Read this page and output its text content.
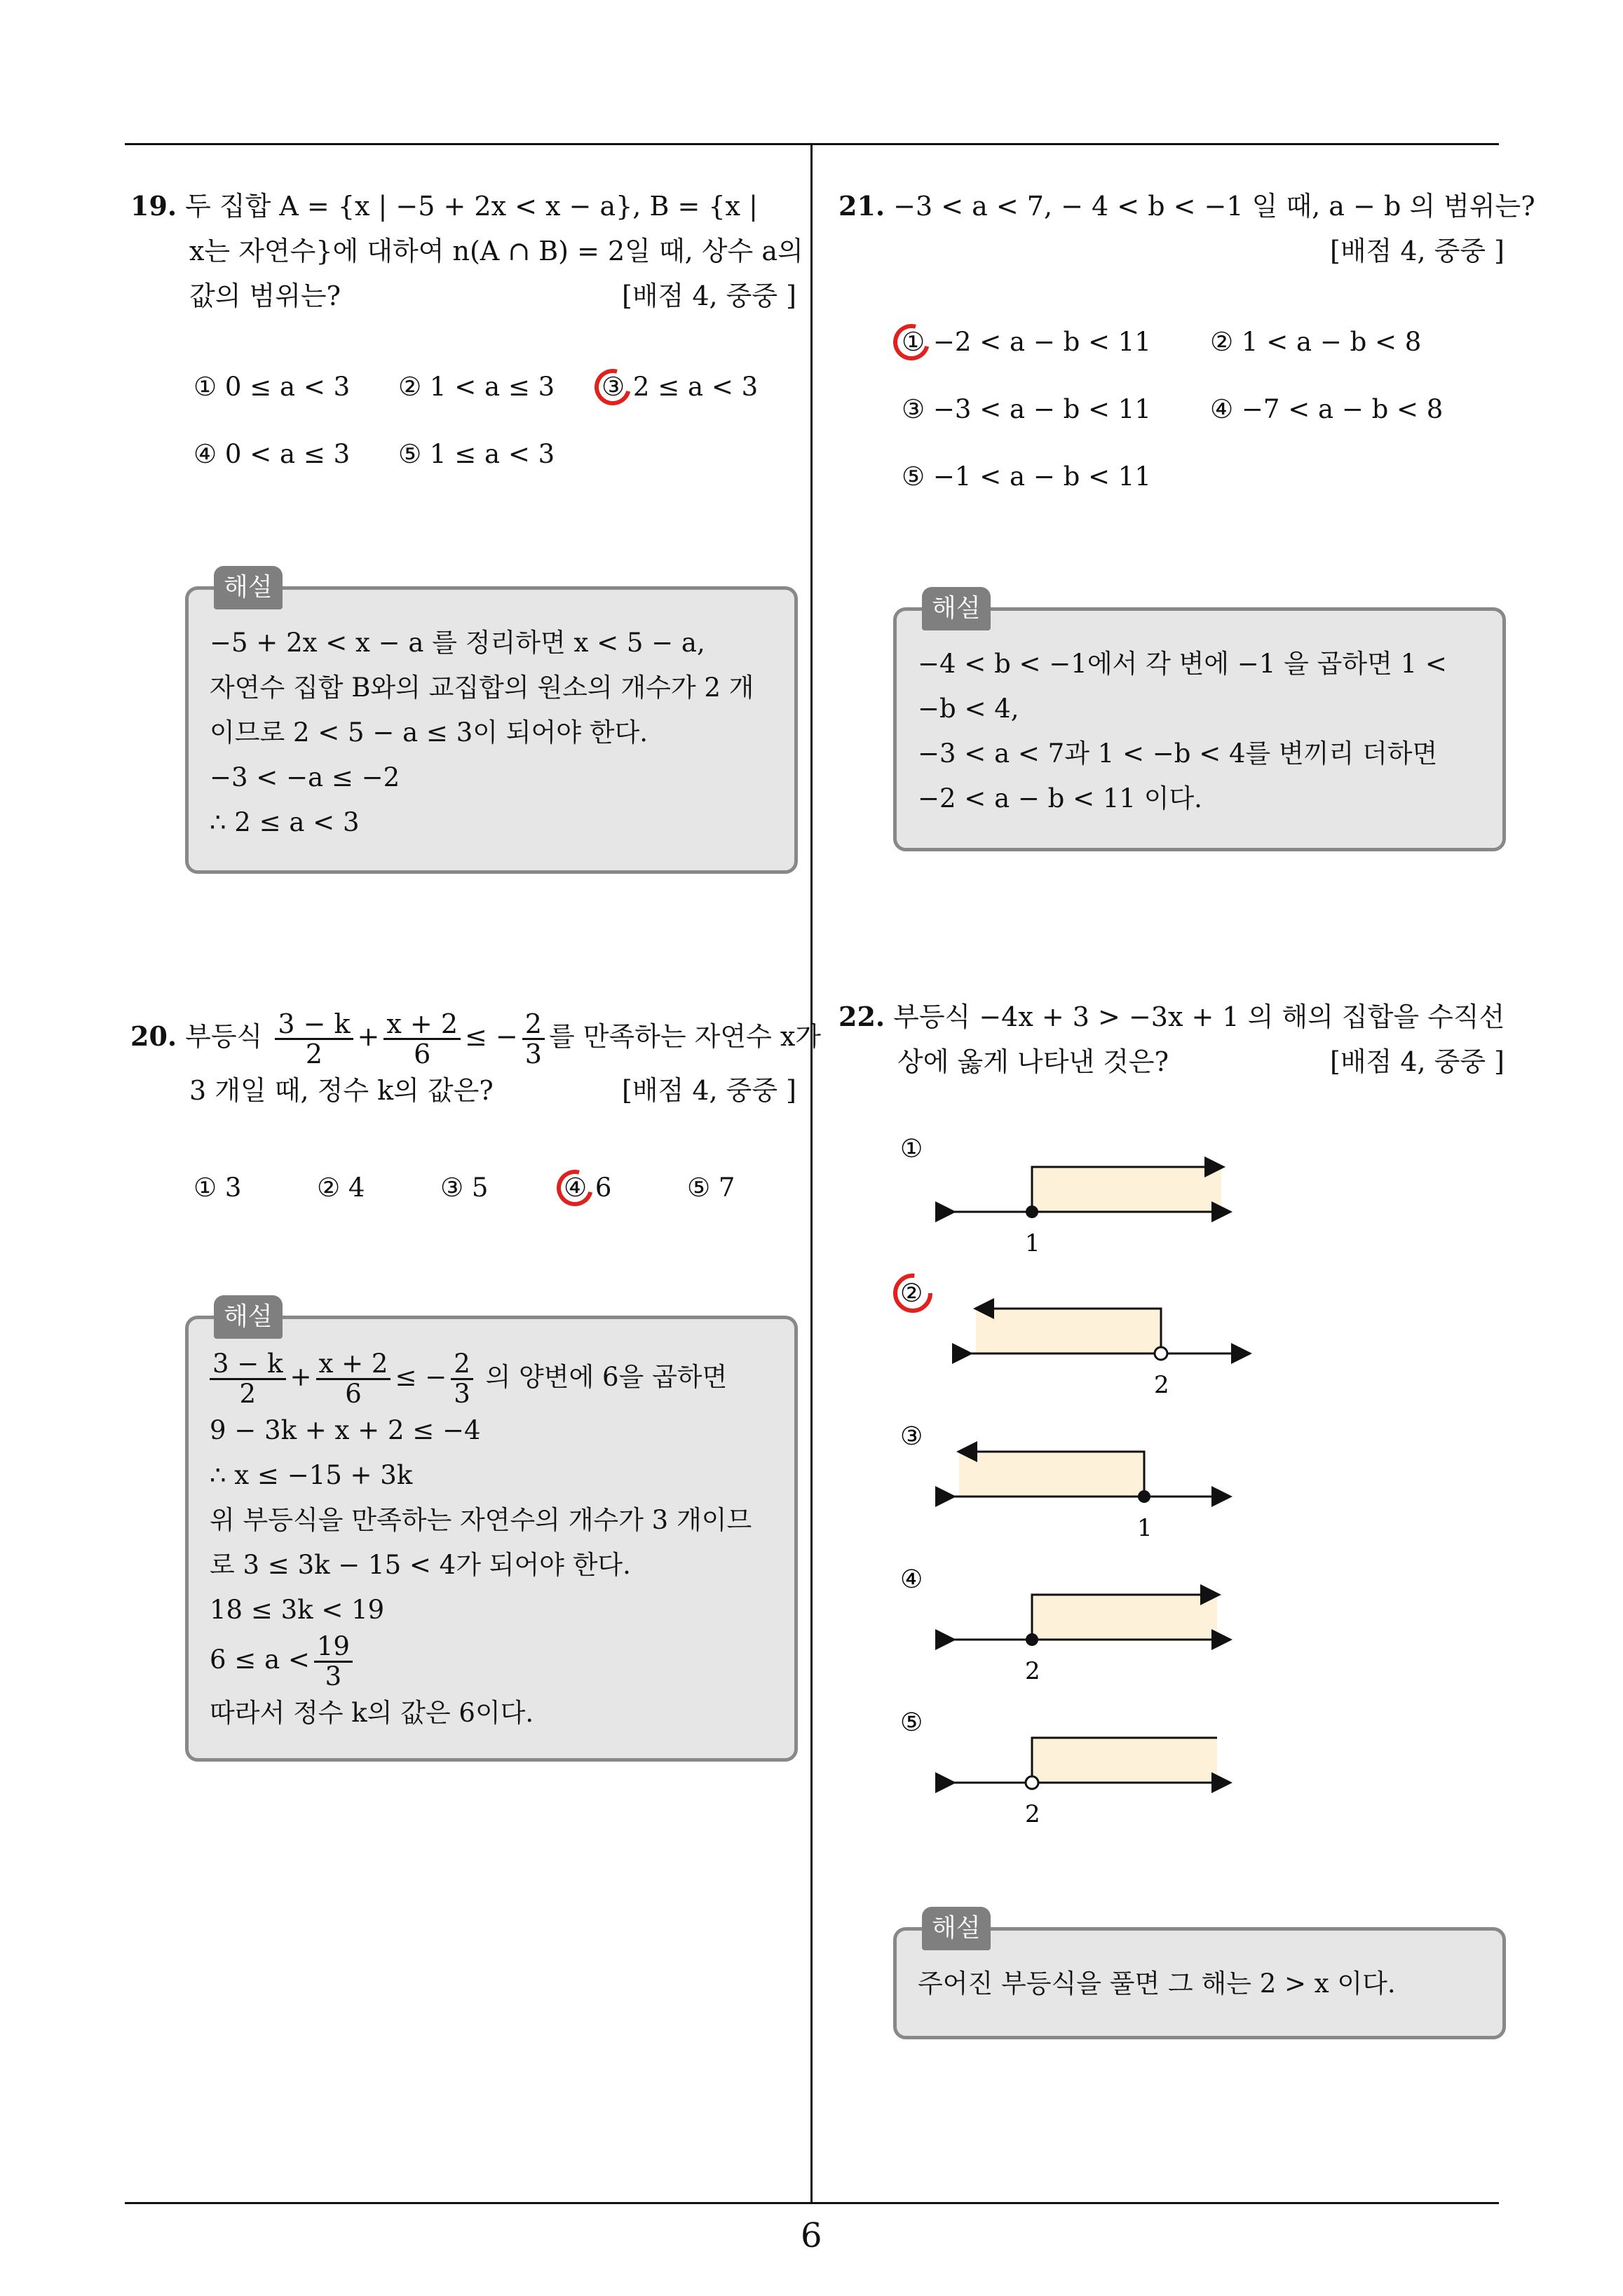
6
19. 두 집합 A = {x | −5 + 2x < x − a}, B = {x |
x는 자연수}에 대하여 n(A ∩ B) = 2일 때, 상수 a의
값의 범위는?	[배점 4, 중중 ]
① 0 ≤ a < 3 ② 1 < a ≤ 3 ③ 2 ≤ a < 3
④ 0 < a ≤ 3 ⑤ 1 ≤ a < 3
해설
−5 + 2x < x − a 를 정리하면 x < 5 − a,
자연수 집합 B와의 교집합의 원소의 개수가 2 개
이므로 2 < 5 − a ≤ 3이 되어야 한다.
−3 < −a ≤ −2
∴ 2 ≤ a < 3
20. 부등식 $\frac{3 - k}{2} + \frac{x + 2}{6}$ ≤ − $\frac{2}{3}$ 를 만족하는 자연수 x가
3 개일 때, 정수 k의 값은?	[배점 4, 중중 ]
① 3	② 4	③ 5	④ 6	⑤ 7
해설
$\frac{3 - k}{2} + \frac{x + 2}{6}$ ≤ − $\frac{2}{3}$ 의 양변에 6을 곱하면
9 − 3k + x + 2 ≤ −4
∴ x ≤ −15 + 3k
위 부등식을 만족하는 자연수의 개수가 3 개이므
로 3 ≤ 3k − 15 < 4가 되어야 한다.
18 ≤ 3k < 19
$6 \le a < \frac{19}{3}$
따라서 정수 k의 값은 6이다.
21. −3 < a < 7, − 4 < b < −1 일 때, a − b 의 범위는?
[배점 4, 중중 ]
① −2 < a − b < 11 ② 1 < a − b < 8
③ −3 < a − b < 11 ④ −7 < a − b < 8
⑤ −1 < a − b < 11
해설
−4 < b < −1에서 각 변에 −1 을 곱하면 1 <
−b < 4,
−3 < a < 7과 1 < −b < 4를 변끼리 더하면
−2 < a − b < 11 이다.
22. 부등식 −4x + 3 > −3x + 1 의 해의 집합을 수직선
상에 옳게 나타낸 것은?	[배점 4, 중중 ]
①
1
②
2
③
1
④
2
⑤
2
해설
주어진 부등식을 풀면 그 해는 2 > x 이다.
